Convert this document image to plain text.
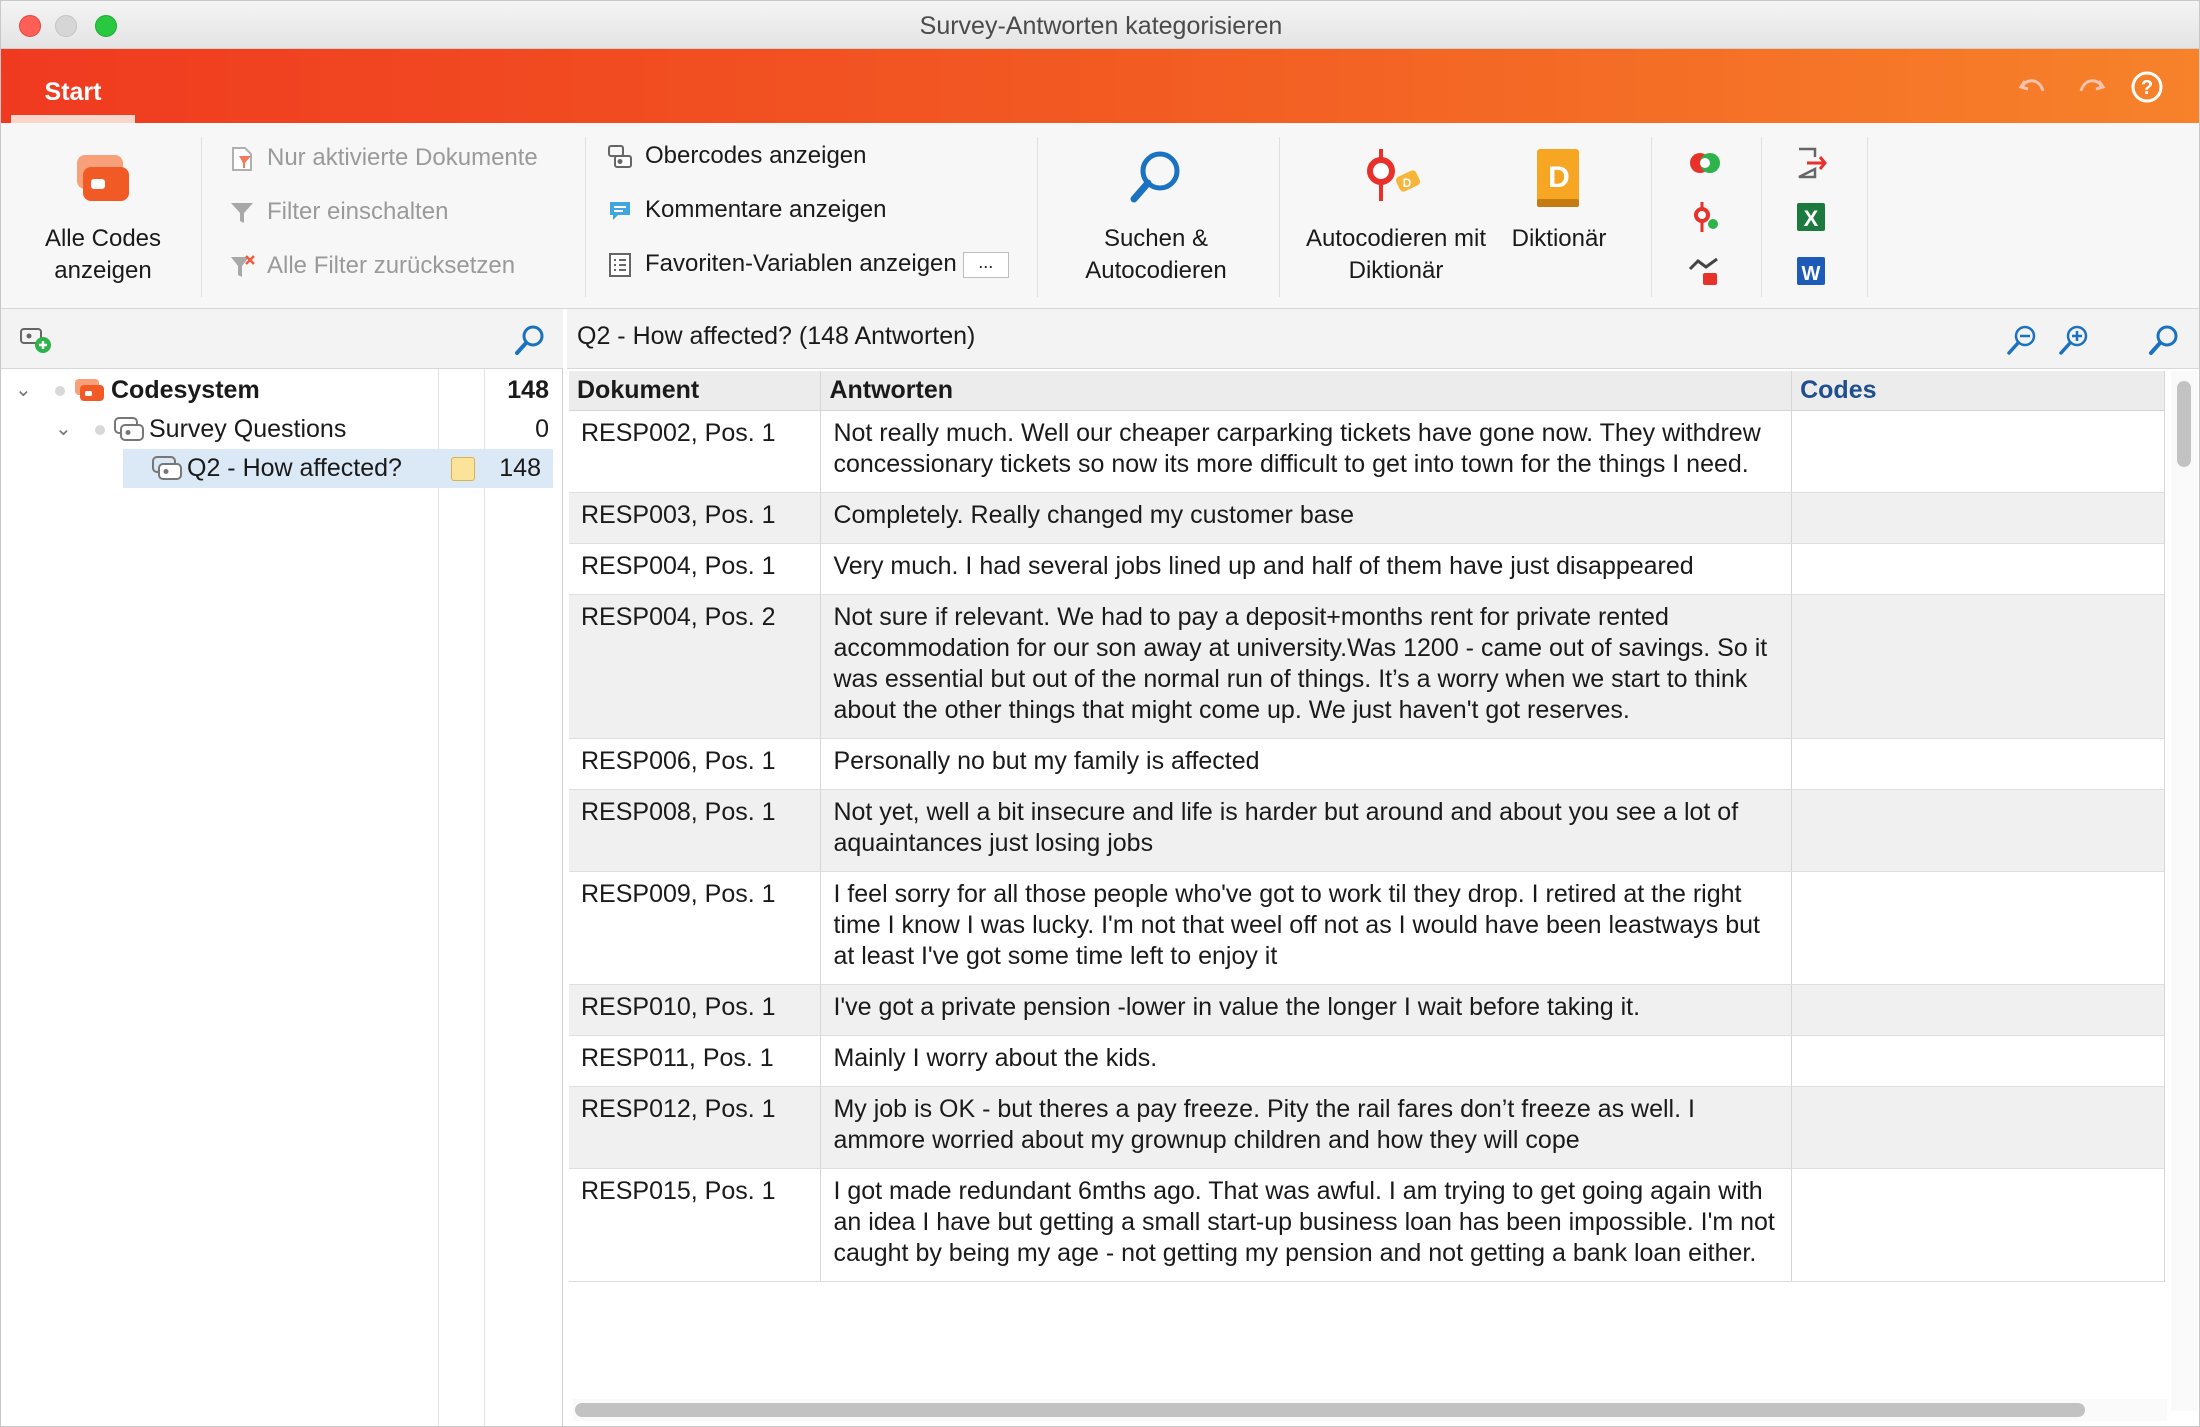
Survey-Antworten kategorisieren
Start	?
Alle Codes anzeigen
Nur aktivierte Dokumente
Filter einschalten
Alle Filter zurücksetzen
Obercodes anzeigen
Kommentare anzeigen
Favoriten-Variablen anzeigen ...
Suchen & Autocodieren
D
Autocodieren mit Diktionär
D
Diktionär
X
W
⌄	Codesystem	148
⌄	Survey Questions	0
Q2 - How affected?	148
Q2 - How affected? (148 Antworten)
Dokument	Antworten	Codes
RESP002, Pos. 1	Not really much. Well our cheaper carparking tickets have gone now. They withdrew concessionary tickets so now its more difficult to get into town for the things I need.	
RESP003, Pos. 1	Completely. Really changed my customer base	
RESP004, Pos. 1	Very much. I had several jobs lined up and half of them have just disappeared	
RESP004, Pos. 2	Not sure if relevant. We had to pay a deposit+months rent for private rented accommodation for our son away at university.Was 1200 - came out of savings. So it was essential but out of the normal run of things. It’s a worry when we start to think about the other things that might come up. We just haven't got reserves.	
RESP006, Pos. 1	Personally no but my family is affected	
RESP008, Pos. 1	Not yet, well a bit insecure and life is harder but around and about you see a lot of aquaintances just losing jobs	
RESP009, Pos. 1	I feel sorry for all those people who've got to work til they drop. I retired at the right time I know I was lucky. I'm not that weel off not as I would have been leastways but at least I've got some time left to enjoy it	
RESP010, Pos. 1	I've got a private pension -lower in value the longer I wait before taking it.	
RESP011, Pos. 1	Mainly I worry about the kids.	
RESP012, Pos. 1	My job is OK - but theres a pay freeze. Pity the rail fares don’t freeze as well. I ammore worried about my grownup children and how they will cope	
RESP015, Pos. 1	I got made redundant 6mths ago. That was awful. I am trying to get going again with an idea I have but getting a small start-up business loan has been impossible. I'm not caught by being my age - not getting my pension and not getting a bank loan either.	
